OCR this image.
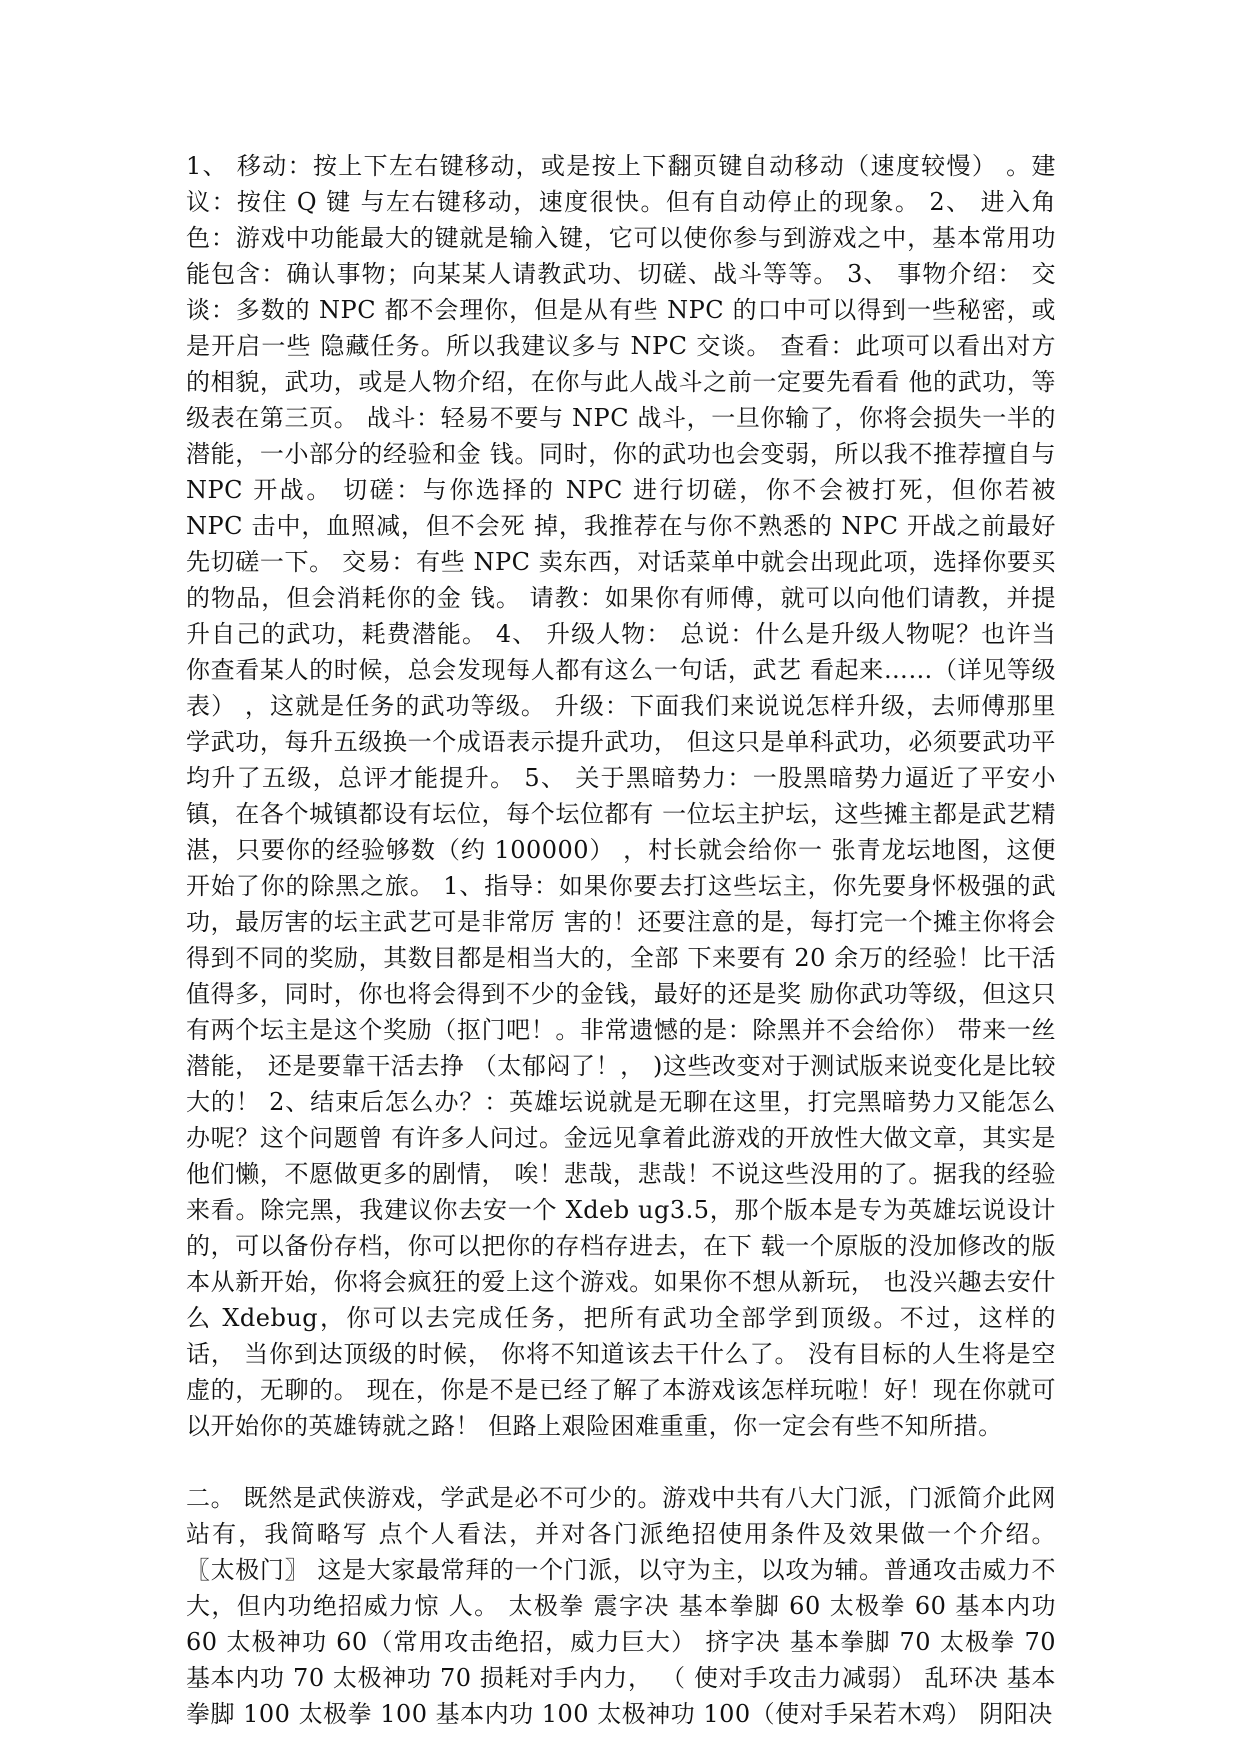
1、 移动：按上下左右键移动，或是按上下翻页键自动移动（速度较慢） 。建议：按住 Q 键 与左右键移动，速度很快。但有自动停止的现象。 2、 进入角色：游戏中功能最大的键就是输入键，它可以使你参与到游戏之中，基本常用功 能包含：确认事物；向某某人请教武功、切磋、战斗等等。 3、 事物介绍： 交谈：多数的 NPC 都不会理你，但是从有些 NPC 的口中可以得到一些秘密，或是开启一些 隐藏任务。所以我建议多与 NPC 交谈。 查看：此项可以看出对方的相貌，武功，或是人物介绍，在你与此人战斗之前一定要先看看 他的武功，等级表在第三页。 战斗：轻易不要与 NPC 战斗，一旦你输了，你将会损失一半的潜能，一小部分的经验和金 钱。同时，你的武功也会变弱，所以我不推荐擅自与 NPC 开战。 切磋：与你选择的 NPC 进行切磋，你不会被打死，但你若被 NPC 击中，血照减，但不会死 掉，我推荐在与你不熟悉的 NPC 开战之前最好先切磋一下。 交易：有些 NPC 卖东西，对话菜单中就会出现此项，选择你要买的物品，但会消耗你的金 钱。 请教：如果你有师傅，就可以向他们请教，并提升自己的武功，耗费潜能。 4、 升级人物： 总说：什么是升级人物呢？也许当你查看某人的时候，总会发现每人都有这么一句话，武艺 看起来……（详见等级表） ，这就是任务的武功等级。 升级：下面我们来说说怎样升级，去师傅那里学武功，每升五级换一个成语表示提升武功， 但这只是单科武功，必须要武功平均升了五级，总评才能提升。 5、 关于黑暗势力：一股黑暗势力逼近了平安小镇，在各个城镇都设有坛位，每个坛位都有 一位坛主护坛，这些摊主都是武艺精湛，只要你的经验够数（约 100000） ，村长就会给你一 张青龙坛地图，这便开始了你的除黑之旅。 1、指导：如果你要去打这些坛主，你先要身怀极强的武功，最厉害的坛主武艺可是非常厉 害的！还要注意的是，每打完一个摊主你将会得到不同的奖励，其数目都是相当大的，全部 下来要有 20 余万的经验！比干活值得多，同时，你也将会得到不少的金钱，最好的还是奖 励你武功等级，但这只有两个坛主是这个奖励（抠门吧！。非常遗憾的是：除黑并不会给你） 带来一丝潜能， 还是要靠干活去挣 （太郁闷了！， )这些改变对于测试版来说变化是比较大的！ 2、结束后怎么办？：英雄坛说就是无聊在这里，打完黑暗势力又能怎么办呢？这个问题曾 有许多人问过。金远见拿着此游戏的开放性大做文章，其实是他们懒，不愿做更多的剧情， 唉！悲哉，悲哉！不说这些没用的了。据我的经验来看。除完黑，我建议你去安一个 Xdeb ug3.5，那个版本是专为英雄坛说设计的，可以备份存档，你可以把你的存档存进去，在下 载一个原版的没加修改的版本从新开始，你将会疯狂的爱上这个游戏。如果你不想从新玩， 也没兴趣去安什么 Xdebug，你可以去完成任务，把所有武功全部学到顶级。不过，这样的 话， 当你到达顶级的时候， 你将不知道该去干什么了。 没有目标的人生将是空虚的，无聊的。 现在，你是不是已经了解了本游戏该怎样玩啦！好！现在你就可以开始你的英雄铸就之路！ 但路上艰险困难重重，你一定会有些不知所措。

二。 既然是武侠游戏，学武是必不可少的。游戏中共有八大门派，门派简介此网站有，我简略写 点个人看法，并对各门派绝招使用条件及效果做一个介绍。 〖太极门〗 这是大家最常拜的一个门派，以守为主，以攻为辅。普通攻击威力不大，但内功绝招威力惊 人。 太极拳 震字决 基本拳脚 60 太极拳 60 基本内功 60 太极神功 60（常用攻击绝招，威力巨大） 挤字决 基本拳脚 70 太极拳 70 基本内功 70 太极神功 70 损耗对手内力， （ 使对手攻击力减弱） 乱环决 基本拳脚 100 太极拳 100 基本内功 100 太极神功 100（使对手呆若木鸡） 阴阳决
